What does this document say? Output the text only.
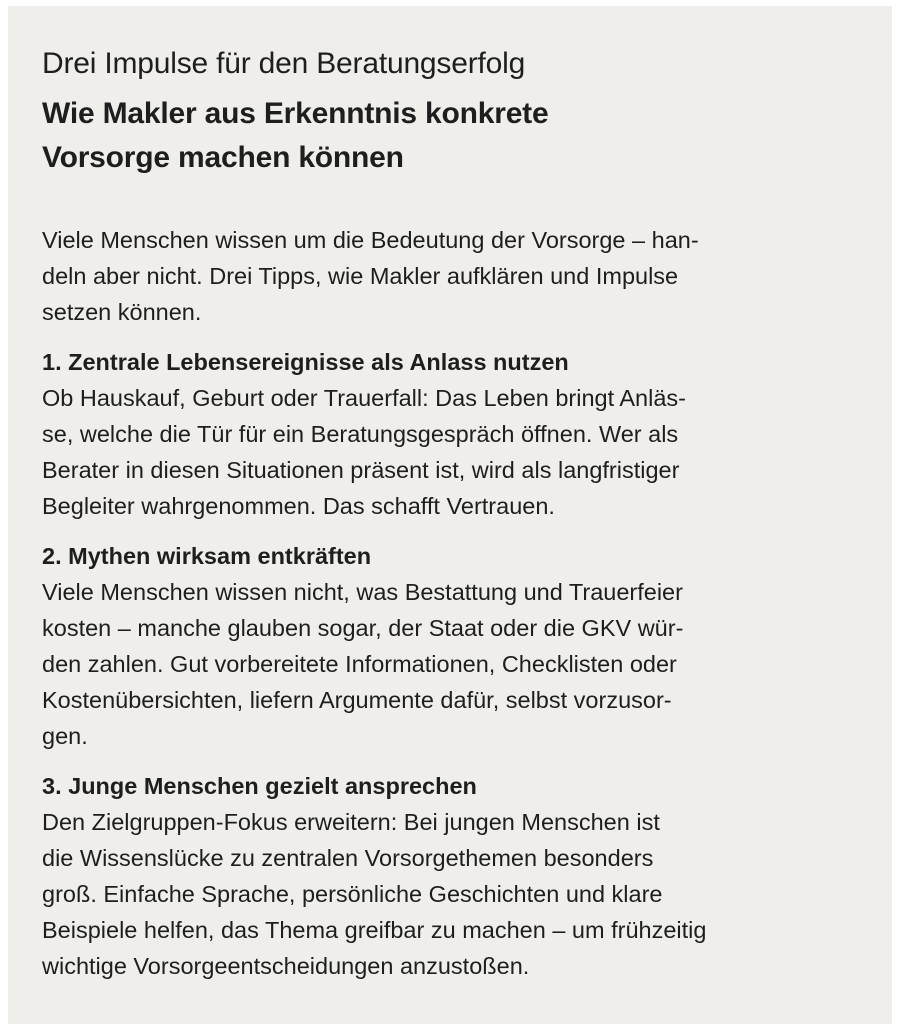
Drei Impulse für den Beratungserfolg

Wie Makler aus Erkenntnis konkrete
Vorsorge machen können

Viele Menschen wissen um die Bedeutung der Vorsorge – han-
deln aber nicht. Drei Tipps, wie Makler aufklären und Impulse
setzen können.

1. Zentrale Lebensereignisse als Anlass nutzen

Ob Hauskauf, Geburt oder Trauerfall: Das Leben bringt Anläs-
se, welche die Tür für ein Beratungsgespräch öffnen. Wer als
Berater in diesen Situationen präsent ist, wird als langfristiger
Begleiter wahrgenommen. Das schafft Vertrauen.

2. Mythen wirksam entkräften

Viele Menschen wissen nicht, was Bestattung und Trauerfeier
kosten – manche glauben sogar, der Staat oder die GKV wür-
den zahlen. Gut vorbereitete Informationen, Checklisten oder
Kostenübersichten, liefern Argumente dafür, selbst vorzusor-
gen.

3. Junge Menschen gezielt ansprechen

Den Zielgruppen-Fokus erweitern: Bei jungen Menschen ist
die Wissenslücke zu zentralen Vorsorgethemen besonders
groß. Einfache Sprache, persönliche Geschichten und klare
Beispiele helfen, das Thema greifbar zu machen – um frühzeitig
wichtige Vorsorgeentscheidungen anzustoßen.
